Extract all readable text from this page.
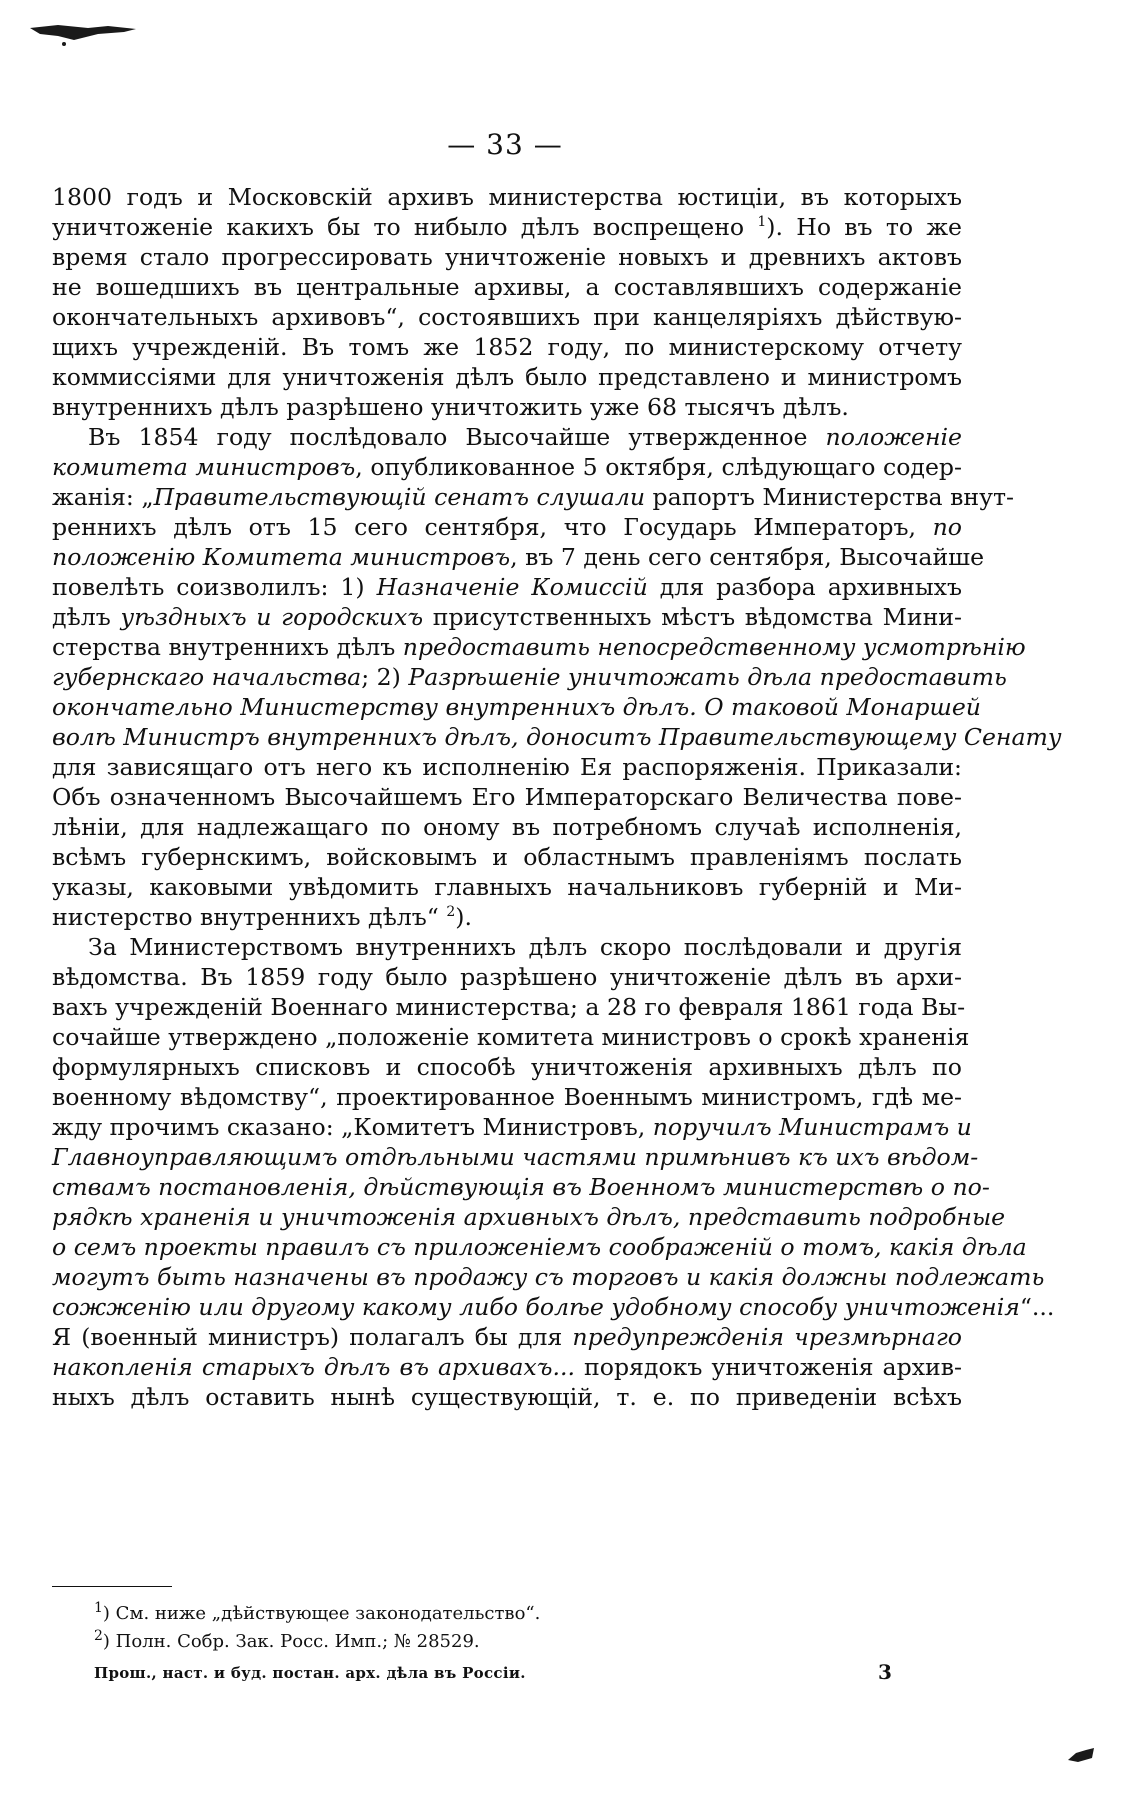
— 33 —

1800 годъ и Московскій архивъ министерства юстиціи, въ которыхъ
уничтоженіе какихъ бы то нибыло дѣлъ воспрещено $^1$). Но въ то же
время стало прогрессировать уничтоженіе новыхъ и древнихъ актовъ
не вошедшихъ въ центральные архивы, а составлявшихъ содержаніе
окончательныхъ архивовъ“, состоявшихъ при канцеляріяхъ дѣйствую-
щихъ учрежденій. Въ томъ же 1852 году, по министерскому отчету
коммиссіями для уничтоженія дѣлъ было представлено и министромъ
внутреннихъ дѣлъ разрѣшено уничтожить уже 68 тысячъ дѣлъ.

Въ 1854 году послѣдовало Высочайше утвержденное положеніе
комитета министровъ, опубликованное 5 октября, слѣдующаго содер-
жанія: „Правительствующій сенатъ слушали рапортъ Министерства внут-
реннихъ дѣлъ отъ 15 сего сентября, что Государь Императоръ, по
положенію Комитета министровъ, въ 7 день сего сентября, Высочайше
повелѣть соизволилъ: 1) Назначеніе Комиссій для разбора архивныхъ
дѣлъ уѣздныхъ и городскихъ присутственныхъ мѣстъ вѣдомства Мини-
стерства внутреннихъ дѣлъ предоставить непосредственному усмотрѣнію
губернскаго начальства; 2) Разрѣшеніе уничтожать дѣла предоставить
окончательно Министерству внутреннихъ дѣлъ. О таковой Монаршей
волѣ Министръ внутреннихъ дѣлъ, доноситъ Правительствующему Сенату
для зависящаго отъ него къ исполненію Ея распоряженія. Приказали:
Объ означенномъ Высочайшемъ Его Императорскаго Величества пове-
лѣніи, для надлежащаго по оному въ потребномъ случаѣ исполненія,
всѣмъ губернскимъ, войсковымъ и областнымъ правленіямъ послать
указы, каковыми увѣдомить главныхъ начальниковъ губерній и Ми-
нистерство внутреннихъ дѣлъ“ $^2$).

За Министерствомъ внутреннихъ дѣлъ скоро послѣдовали и другія
вѣдомства. Въ 1859 году было разрѣшено уничтоженіе дѣлъ въ архи-
вахъ учрежденій Военнаго министерства; а 28 го февраля 1861 года Вы-
сочайше утверждено „положеніе комитета министровъ о срокѣ храненія
формулярныхъ списковъ и способѣ уничтоженія архивныхъ дѣлъ по
военному вѣдомству“, проектированное Военнымъ министромъ, гдѣ ме-
жду прочимъ сказано: „Комитетъ Министровъ, поручилъ Министрамъ и
Главноуправляющимъ отдѣльными частями примѣнивъ къ ихъ вѣдом-
ствамъ постановленія, дѣйствующія въ Военномъ министерствѣ о по-
рядкѣ храненія и уничтоженія архивныхъ дѣлъ, представить подробные
о семъ проекты правилъ съ приложеніемъ соображеній о томъ, какія дѣла
могутъ быть назначены въ продажу съ торговъ и какія должны подлежать
сожженію или другому какому либо болѣе удобному способу уничтоженія“...
Я (военный министръ) полагалъ бы для предупрежденія чрезмѣрнаго
накопленія старыхъ дѣлъ въ архивахъ... порядокъ уничтоженія архив-
ныхъ дѣлъ оставить нынѣ существующій, т. е. по приведеніи всѣхъ

$^1$) См. ниже „дѣйствующее законодательство“.
$^2$) Полн. Собр. Зак. Росс. Имп.; № 28529.
Прош., наст. и буд. постан. арх. дѣла въ Россіи.	3
